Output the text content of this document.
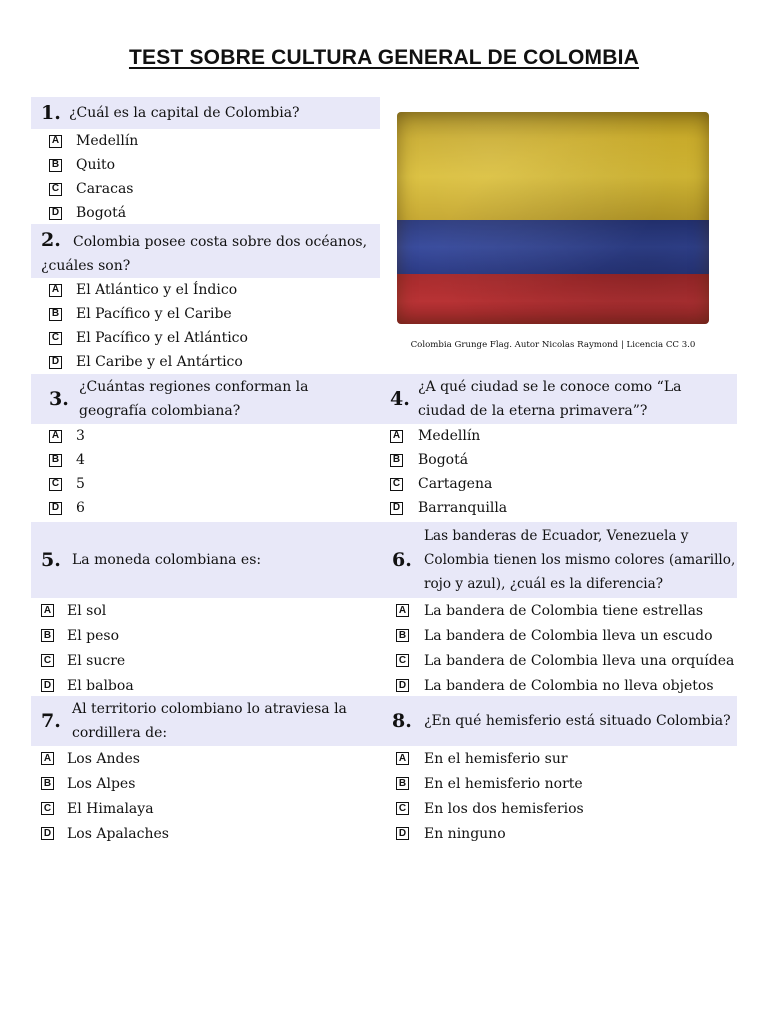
TEST SOBRE CULTURA GENERAL DE COLOMBIA
1. ¿Cuál es la capital de Colombia?
A Medellín
B Quito
C Caracas
D Bogotá
2. Colombia posee costa sobre dos océanos, ¿cuáles son?
A El Atlántico y el Índico
B El Pacífico y el Caribe
C El Pacífico y el Atlántico
D El Caribe y el Antártico
Colombia Grunge Flag. Autor Nicolas Raymond | Licencia CC 3.0
3.
¿Cuántas regiones conforman la geografía colombiana?
A 3
B 4
C 5
D 6
4.
¿A qué ciudad se le conoce como “La ciudad de la eterna primavera”?
A Medellín
B Bogotá
C Cartagena
D Barranquilla
5. La moneda colombiana es:
A El sol
B El peso
C El sucre
D El balboa
6.
Las banderas de Ecuador, Venezuela y Colombia tienen los mismo colores (amarillo, rojo y azul), ¿cuál es la diferencia?
A La bandera de Colombia tiene estrellas
B La bandera de Colombia lleva un escudo
C La bandera de Colombia lleva una orquídea
D La bandera de Colombia no lleva objetos
7.
Al territorio colombiano lo atraviesa la cordillera de:
A Los Andes
B Los Alpes
C El Himalaya
D Los Apalaches
8. ¿En qué hemisferio está situado Colombia?
A En el hemisferio sur
B En el hemisferio norte
C En los dos hemisferios
D En ninguno
